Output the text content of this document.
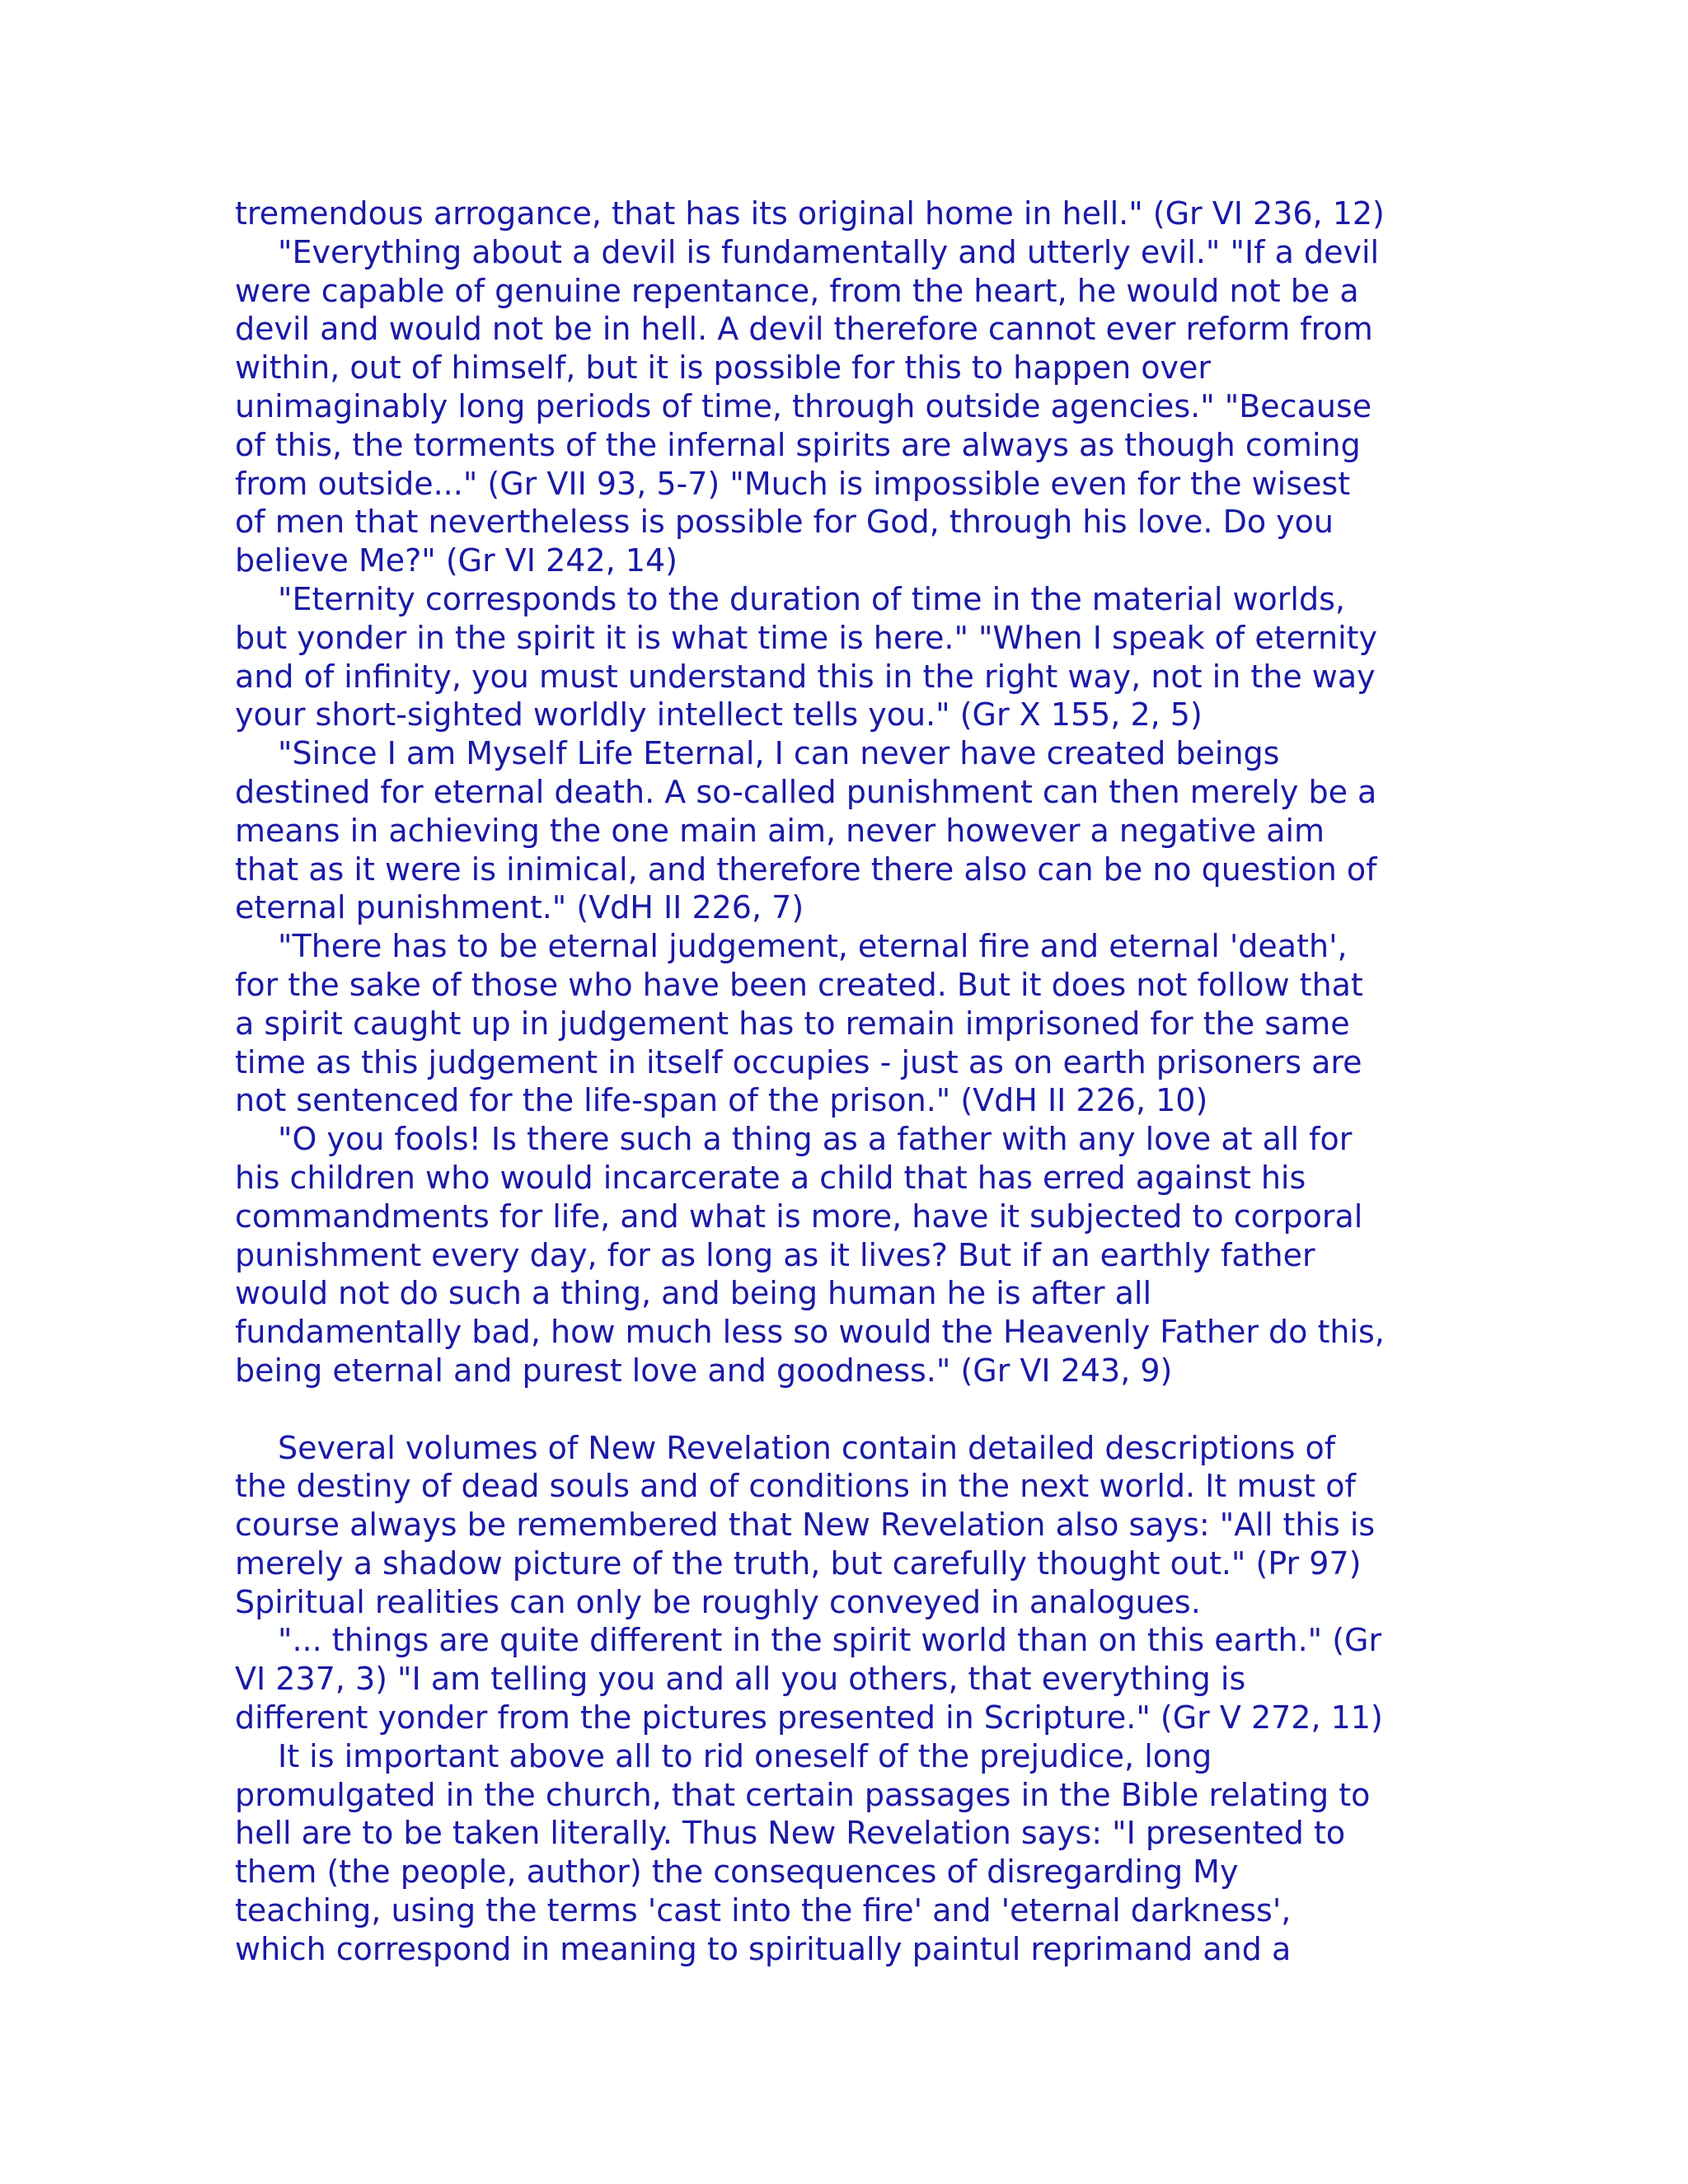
tremendous arrogance, that has its original home in hell." (Gr VI 236, 12)
"Everything about a devil is fundamentally and utterly evil." "If a devil
were capable of genuine repentance, from the heart, he would not be a
devil and would not be in hell. A devil therefore cannot ever reform from
within, out of himself, but it is possible for this to happen over
unimaginably long periods of time, through outside agencies." "Because
of this, the torments of the infernal spirits are always as though coming
from outside..." (Gr VII 93, 5-7) "Much is impossible even for the wisest
of men that nevertheless is possible for God, through his love. Do you
believe Me?" (Gr VI 242, 14)
"Eternity corresponds to the duration of time in the material worlds,
but yonder in the spirit it is what time is here." "When I speak of eternity
and of infinity, you must understand this in the right way, not in the way
your short-sighted worldly intellect tells you." (Gr X 155, 2, 5)
"Since I am Myself Life Eternal, I can never have created beings
destined for eternal death. A so-called punishment can then merely be a
means in achieving the one main aim, never however a negative aim
that as it were is inimical, and therefore there also can be no question of
eternal punishment." (VdH II 226, 7)
"There has to be eternal judgement, eternal fire and eternal 'death',
for the sake of those who have been created. But it does not follow that
a spirit caught up in judgement has to remain imprisoned for the same
time as this judgement in itself occupies - just as on earth prisoners are
not sentenced for the life-span of the prison." (VdH II 226, 10)
"O you fools! Is there such a thing as a father with any love at all for
his children who would incarcerate a child that has erred against his
commandments for life, and what is more, have it subjected to corporal
punishment every day, for as long as it lives? But if an earthly father
would not do such a thing, and being human he is after all
fundamentally bad, how much less so would the Heavenly Father do this,
being eternal and purest love and goodness." (Gr VI 243, 9)
Several volumes of New Revelation contain detailed descriptions of
the destiny of dead souls and of conditions in the next world. It must of
course always be remembered that New Revelation also says: "All this is
merely a shadow picture of the truth, but carefully thought out." (Pr 97)
Spiritual realities can only be roughly conveyed in analogues.
"... things are quite different in the spirit world than on this earth." (Gr
VI 237, 3) "I am telling you and all you others, that everything is
different yonder from the pictures presented in Scripture." (Gr V 272, 11)
It is important above all to rid oneself of the prejudice, long
promulgated in the church, that certain passages in the Bible relating to
hell are to be taken literally. Thus New Revelation says: "I presented to
them (the people, author) the consequences of disregarding My
teaching, using the terms 'cast into the fire' and 'eternal darkness',
which correspond in meaning to spiritually paintul reprimand and a
